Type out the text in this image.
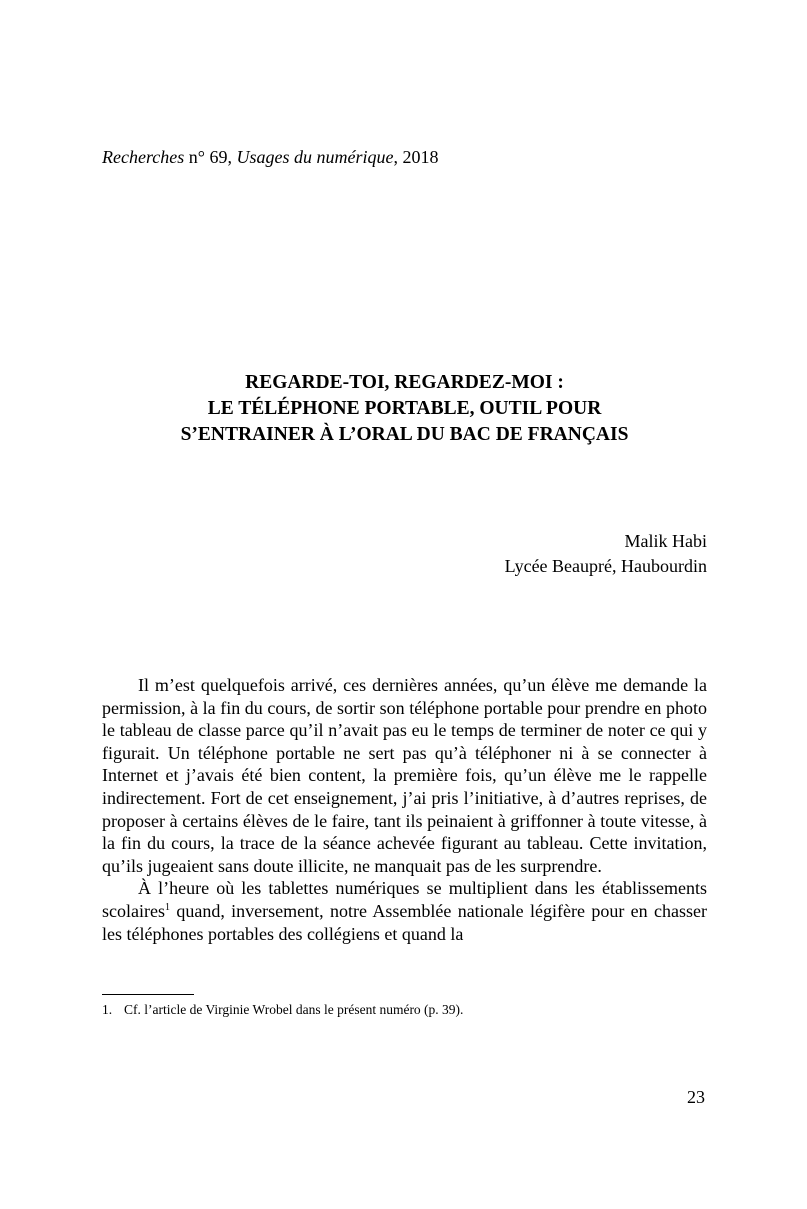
Recherches n° 69, Usages du numérique, 2018
REGARDE-TOI, REGARDEZ-MOI :
LE TÉLÉPHONE PORTABLE, OUTIL POUR
S’ENTRAINER À L’ORAL DU BAC DE FRANÇAIS
Malik Habi
Lycée Beaupré, Haubourdin

Il m’est quelquefois arrivé, ces dernières années, qu’un élève me demande la permission, à la fin du cours, de sortir son téléphone portable pour prendre en photo le tableau de classe parce qu’il n’avait pas eu le temps de terminer de noter ce qui y figurait. Un téléphone portable ne sert pas qu’à téléphoner ni à se connecter à Internet et j’avais été bien content, la première fois, qu’un élève me le rappelle indirectement. Fort de cet enseignement, j’ai pris l’initiative, à d’autres reprises, de proposer à certains élèves de le faire, tant ils peinaient à griffonner à toute vitesse, à la fin du cours, la trace de la séance achevée figurant au tableau. Cette invitation, qu’ils jugeaient sans doute illicite, ne manquait pas de les surprendre.

À l’heure où les tablettes numériques se multiplient dans les établissements scolaires$^1$ quand, inversement, notre Assemblée nationale légifère pour en chasser les téléphones portables des collégiens et quand la

1. Cf. l’article de Virginie Wrobel dans le présent numéro (p. 39).
23
